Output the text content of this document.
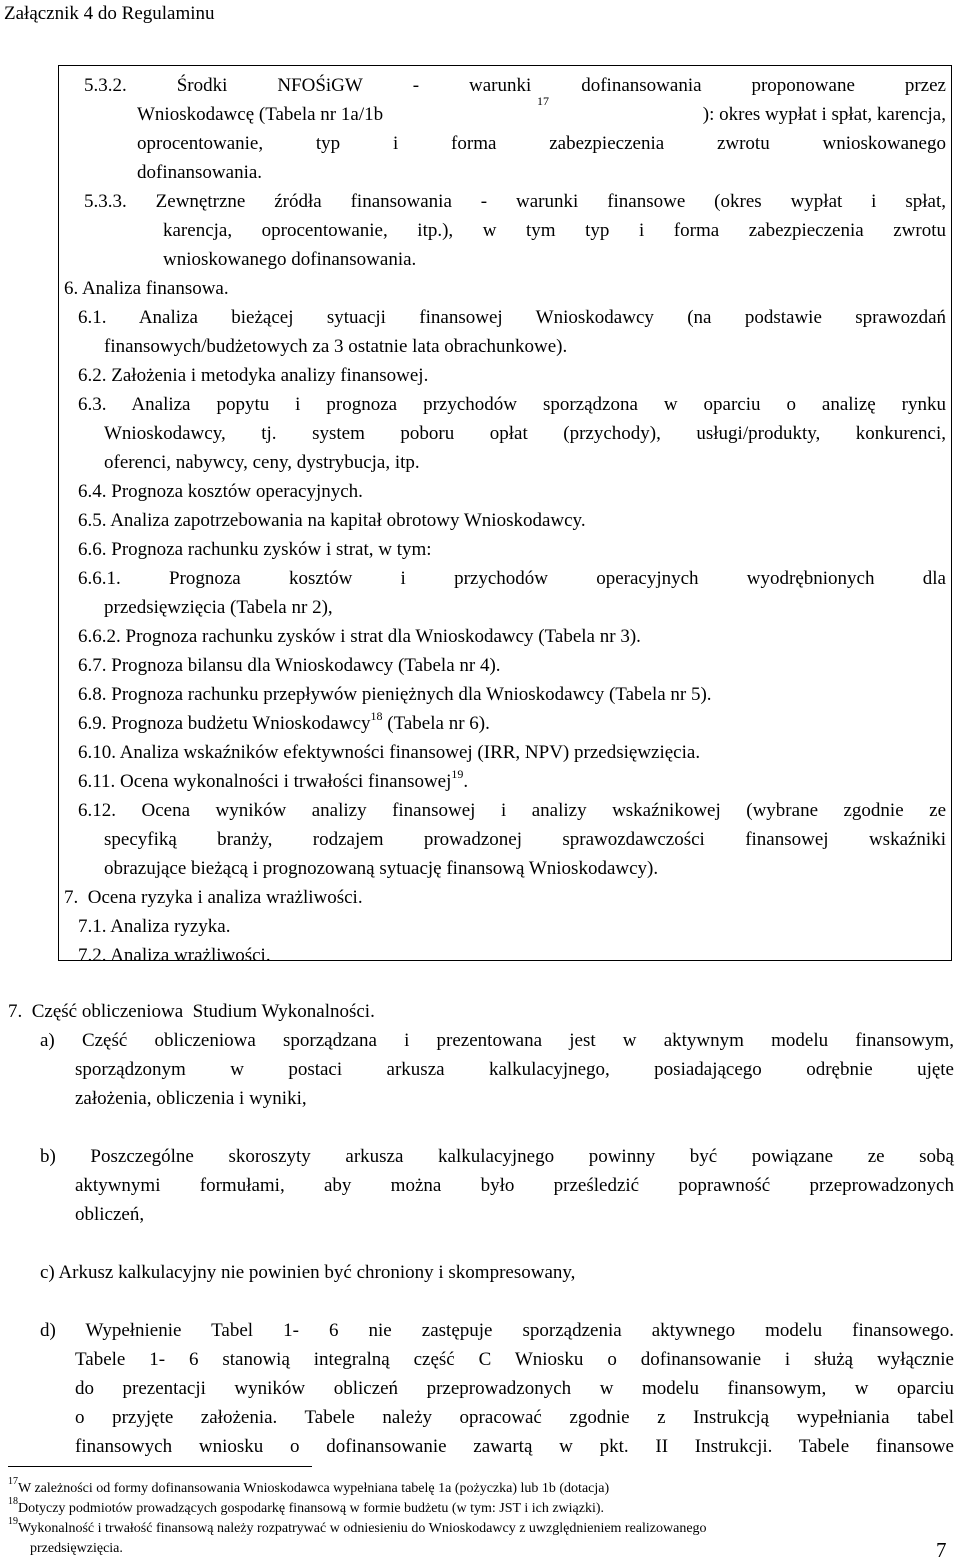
Załącznik 4 do Regulaminu
5.3.2.	Środki	NFOŚiGW	-	warunki	dofinansowania	proponowane	przez
Wnioskodawcę (Tabela nr 1a/1b
$^{17}$
): okres wypłat i spłat, karencja,
oprocentowanie, typ i forma zabezpieczenia zwrotu wnioskowanego
dofinansowania.
5.3.3. Zewnętrzne źródła finansowania - warunki finansowe (okres wypłat i spłat,
karencja, oprocentowanie, itp.), w tym typ i forma zabezpieczenia zwrotu
wnioskowanego dofinansowania.
6. Analiza finansowa.
6.1. Analiza bieżącej sytuacji finansowej Wnioskodawcy (na podstawie sprawozdań
finansowych/budżetowych za 3 ostatnie lata obrachunkowe).
6.2. Założenia i metodyka analizy finansowej.
6.3. Analiza popytu i prognoza przychodów sporządzona w oparciu o analizę rynku
Wnioskodawcy, tj. system poboru opłat (przychody), usługi/produkty, konkurenci,
oferenci, nabywcy, ceny, dystrybucja, itp.
6.4. Prognoza kosztów operacyjnych.
6.5. Analiza zapotrzebowania na kapitał obrotowy Wnioskodawcy.
6.6. Prognoza rachunku zysków i strat, w tym:
6.6.1.	Prognoza	kosztów	i	przychodów	operacyjnych	wyodrębnionych	dla
przedsięwzięcia (Tabela nr 2),
6.6.2. Prognoza rachunku zysków i strat dla Wnioskodawcy (Tabela nr 3).
6.7. Prognoza bilansu dla Wnioskodawcy (Tabela nr 4).
6.8. Prognoza rachunku przepływów pieniężnych dla Wnioskodawcy (Tabela nr 5).
6.9. Prognoza budżetu Wnioskodawcy$^{18}$ (Tabela nr 6).
6.10. Analiza wskaźników efektywności finansowej (IRR, NPV) przedsięwzięcia.
6.11. Ocena wykonalności i trwałości finansowej$^{19}$.
6.12. Ocena wyników analizy finansowej i analizy wskaźnikowej (wybrane zgodnie ze
specyfiką branży, rodzajem prowadzonej sprawozdawczości finansowej wskaźniki
obrazujące bieżącą i prognozowaną sytuację finansową Wnioskodawcy).
7.  Ocena ryzyka i analiza wrażliwości.
7.1. Analiza ryzyka.
7.2. Analiza wrażliwości.
7.  Część obliczeniowa  Studium Wykonalności.
a) Część obliczeniowa sporządzana i prezentowana jest w aktywnym modelu finansowym,
sporządzonym w postaci arkusza kalkulacyjnego, posiadającego odrębnie ujęte
założenia, obliczenia i wyniki,
b) Poszczególne skoroszyty arkusza kalkulacyjnego powinny być powiązane ze sobą
aktywnymi formułami, aby można było prześledzić poprawność przeprowadzonych
obliczeń,
c) Arkusz kalkulacyjny nie powinien być chroniony i skompresowany,
d) Wypełnienie Tabel 1- 6 nie zastępuje sporządzenia aktywnego modelu finansowego.
Tabele 1- 6 stanowią integralną część C Wniosku o dofinansowanie i służą wyłącznie
do prezentacji wyników obliczeń przeprowadzonych w modelu finansowym, w oparciu
o przyjęte założenia. Tabele należy opracować zgodnie z Instrukcją wypełniania tabel
finansowych wniosku o dofinansowanie zawartą w pkt. II Instrukcji. Tabele finansowe
$^{17}$W zależności od formy dofinansowania Wnioskodawca wypełniana tabelę 1a (pożyczka) lub 1b (dotacja)
$^{18}$Dotyczy podmiotów prowadzących gospodarkę finansową w formie budżetu (w tym: JST i ich związki).
$^{19}$Wykonalność i trwałość finansową należy rozpatrywać w odniesieniu do Wnioskodawcy z uwzględnieniem realizowanego
przedsięwzięcia.	7
